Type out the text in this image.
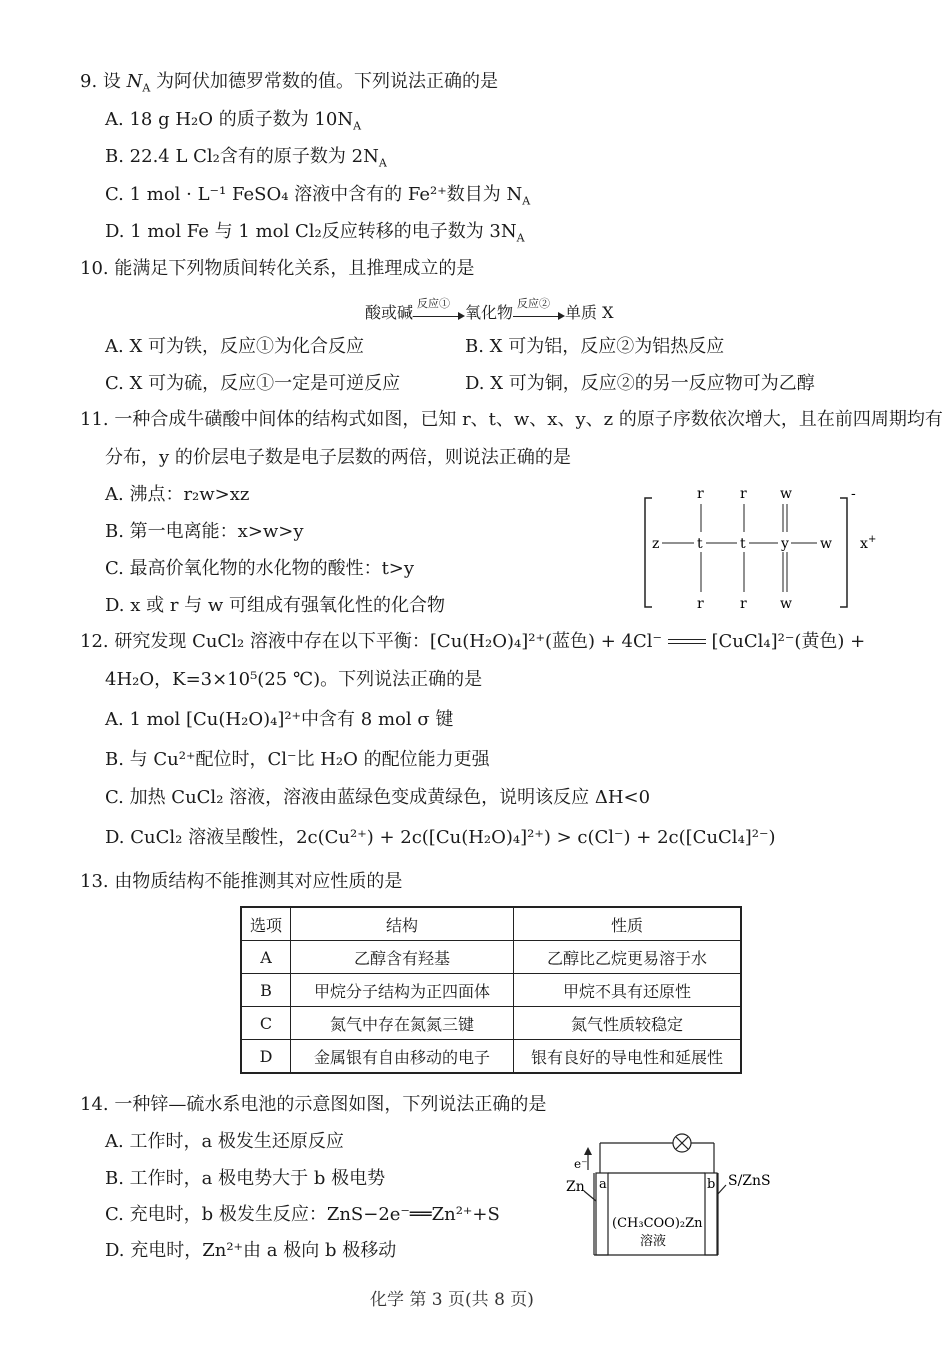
9. 设 $N_A$ 为阿伏加德罗常数的值。下列说法正确的是
A. 18 g H₂O 的质子数为 $10N_A$
B. 22.4 L Cl₂含有的原子数为 $2N_A$
C. 1 mol · L⁻¹ FeSO₄ 溶液中含有的 Fe²⁺数目为 $N_A$
D. 1 mol Fe 与 1 mol Cl₂反应转移的电子数为 $3N_A$
10. 能满足下列物质间转化关系，且推理成立的是
酸或碱 反应① 氧化物 反应② 单质 X
A. X 可为铁，反应①为化合反应	B. X 可为铝，反应②为铝热反应
C. X 可为硫，反应①一定是可逆反应	D. X 可为铜，反应②的另一反应物可为乙醇
11. 一种合成牛磺酸中间体的结构式如图，已知 r、t、w、x、y、z 的原子序数依次增大，且在前四周期均有
分布，y 的价层电子数是电子层数的两倍，则说法正确的是
A. 沸点：r₂w>xz
B. 第一电离能：x>w>y
C. 最高价氧化物的水化物的酸性：t>y
D. x 或 r 与 w 可组成有强氧化性的化合物
-
x +
z	t	t	y w
r	r w
r	r w
12. 研究发现 CuCl₂ 溶液中存在以下平衡：[Cu(H₂O)₄]²⁺(蓝色) + 4Cl⁻	[CuCl₄]²⁻(黄色) +
4H₂O，K=3×10⁵(25 ℃)。下列说法正确的是
A. 1 mol [Cu(H₂O)₄]²⁺中含有 8 mol σ 键
B. 与 Cu²⁺配位时，Cl⁻比 H₂O 的配位能力更强
C. 加热 CuCl₂ 溶液，溶液由蓝绿色变成黄绿色，说明该反应 ΔH<0
D. CuCl₂ 溶液呈酸性，2c(Cu²⁺) + 2c([Cu(H₂O)₄]²⁺) > c(Cl⁻) + 2c([CuCl₄]²⁻)
13. 由物质结构不能推测其对应性质的是
选项	结构	性质
A	乙醇含有羟基	乙醇比乙烷更易溶于水
B	甲烷分子结构为正四面体	甲烷不具有还原性
C	氮气中存在氮氮三键	氮气性质较稳定
D	金属银有自由移动的电子	银有良好的导电性和延展性
14. 一种锌—硫水系电池的示意图如图，下列说法正确的是
A. 工作时，a 极发生还原反应
B. 工作时，a 极电势大于 b 极电势
C. 充电时，b 极发生反应：ZnS−2e⁻══Zn²⁺+S
D. 充电时，Zn²⁺由 a 极向 b 极移动
e⁻
Zn	S/ZnS
a	b
(CH₃COO)₂Zn
溶液
化学 第 3 页(共 8 页)
